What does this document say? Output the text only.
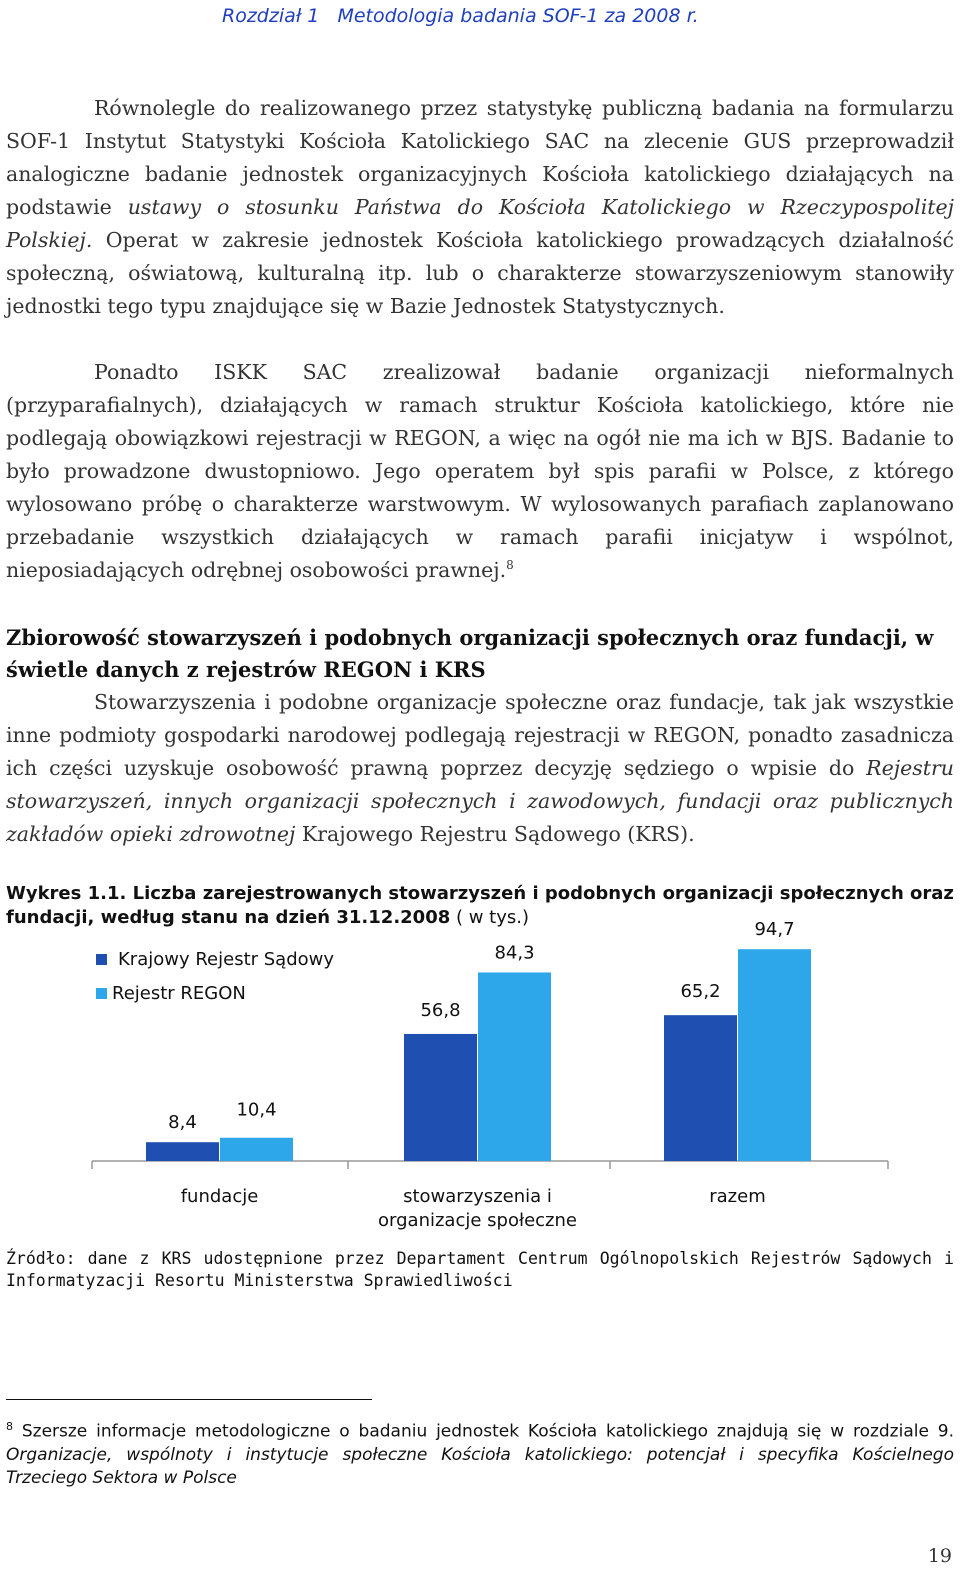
Rozdział 1 Metodologia badania SOF-1 za 2008 r.

Równolegle do realizowanego przez statystykę publiczną badania na formularzu SOF-1 Instytut Statystyki Kościoła Katolickiego SAC na zlecenie GUS przeprowadził analogiczne badanie jednostek organizacyjnych Kościoła katolickiego działających na podstawie ustawy o stosunku Państwa do Kościoła Katolickiego w Rzeczypospolitej Polskiej. Operat w zakresie jednostek Kościoła katolickiego prowadzących działalność społeczną, oświatową, kulturalną itp. lub o charakterze stowarzyszeniowym stanowiły jednostki tego typu znajdujące się w Bazie Jednostek Statystycznych.

Ponadto ISKK SAC zrealizował badanie organizacji nieformalnych (przyparafialnych), działających w ramach struktur Kościoła katolickiego, które nie podlegają obowiązkowi rejestracji w REGON, a więc na ogół nie ma ich w BJS. Badanie to było prowadzone dwustopniowo. Jego operatem był spis parafii w Polsce, z którego wylosowano próbę o charakterze warstwowym. W wylosowanych parafiach zaplanowano przebadanie wszystkich działających w ramach parafii inicjatyw i wspólnot, nieposiadających odrębnej osobowości prawnej.$^8$

Zbiorowość stowarzyszeń i podobnych organizacji społecznych oraz fundacji, w świetle danych z rejestrów REGON i KRS

Stowarzyszenia i podobne organizacje społeczne oraz fundacje, tak jak wszystkie inne podmioty gospodarki narodowej podlegają rejestracji w REGON, ponadto zasadnicza ich części uzyskuje osobowość prawną poprzez decyzję sędziego o wpisie do Rejestru stowarzyszeń, innych organizacji społecznych i zawodowych, fundacji oraz publicznych zakładów opieki zdrowotnej Krajowego Rejestru Sądowego (KRS).

Wykres 1.1. Liczba zarejestrowanych stowarzyszeń i podobnych organizacji społecznych oraz fundacji, według stanu na dzień 31.12.2008 ( w tys.)
8,4
10,4
fundacje
56,8
84,3
stowarzyszenia i
organizacje społeczne
65,2
94,7
razem
Krajowy Rejestr Sądowy
Rejestr REGON
Źródło: dane z KRS udostępnione przez Departament Centrum Ogólnopolskich Rejestrów Sądowych i Informatyzacji Resortu Ministerstwa Sprawiedliwości
$^8$ Szersze informacje metodologiczne o badaniu jednostek Kościoła katolickiego znajdują się w rozdziale 9. Organizacje, wspólnoty i instytucje społeczne Kościoła katolickiego: potencjał i specyfika Kościelnego Trzeciego Sektora w Polsce
19
